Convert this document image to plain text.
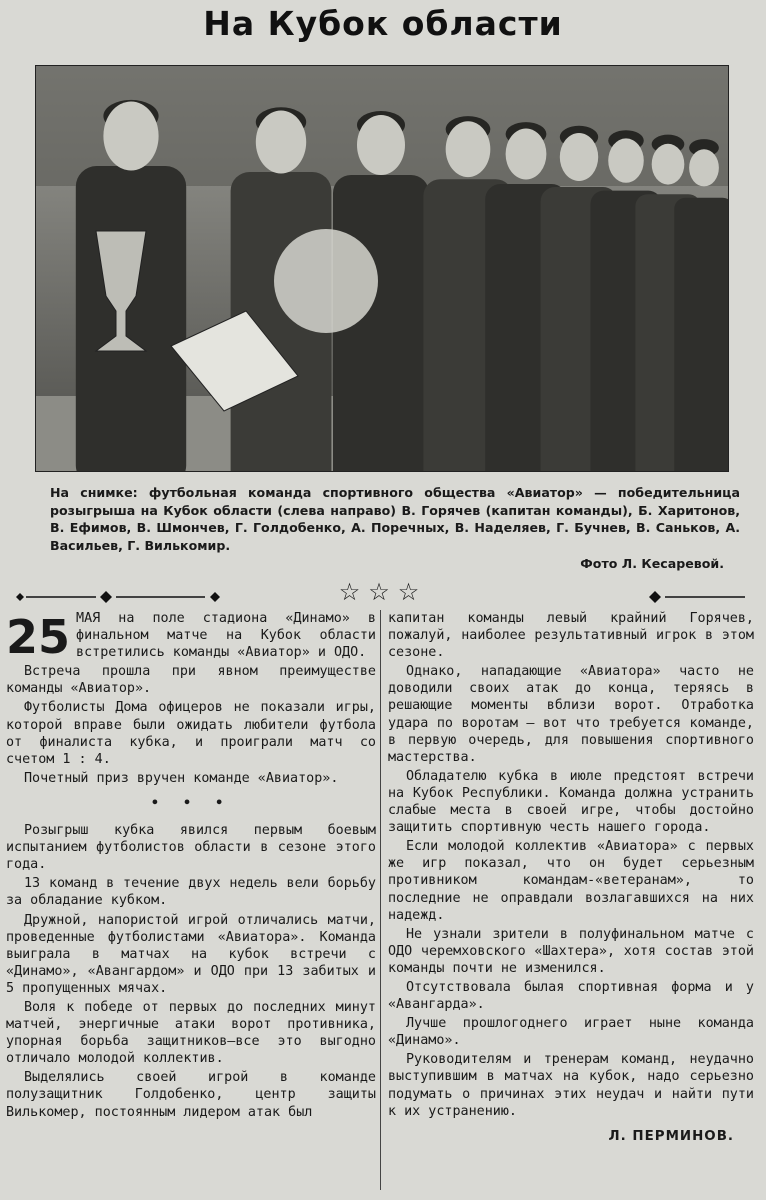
На Кубок области
На снимке: футбольная команда спортивного общества «Авиатор» — победительница розыгрыша на Кубок области (слева направо) В. Горячев (капитан команды), Б. Харитонов, В. Ефимов, В. Шмончев, Г. Голдобенко, А. Поречных, В. Наделяев, Г. Бучнев, В. Саньков, А. Васильев, Г. Вилькомир.
Фото Л. Кесаревой.
☆☆☆

25 МАЯ на поле стадиона «Динамо» в финальном матче на Кубок области встретились команды «Авиатор» и ОДО.

Встреча прошла при явном преимуществе команды «Авиатор».

Футболисты Дома офицеров не показали игры, которой вправе были ожидать любители футбола от финалиста кубка, и проиграли матч со счетом 1 : 4.

Почетный приз вручен команде «Авиатор».

• • •

Розыгрыш кубка явился первым боевым испытанием футболистов области в сезоне этого года.

13 команд в течение двух недель вели борьбу за обладание кубком.

Дружной, напористой игрой отличались матчи, проведенные футболистами «Авиатора». Команда выиграла в матчах на кубок встречи с «Динамо», «Авангардом» и ОДО при 13 забитых и 5 пропущенных мячах.

Воля к победе от первых до последних минут матчей, энергичные атаки ворот противника, упорная борьба защитников—все это выгодно отличало молодой коллектив.

Выделялись своей игрой в команде полузащитник Голдобенко, центр защиты Вилькомер, постоянным лидером атак был

капитан команды левый крайний Горячев, пожалуй, наиболее результативный игрок в этом сезоне.

Однако, нападающие «Авиатора» часто не доводили своих атак до конца, теряясь в решающие моменты вблизи ворот. Отработка удара по воротам — вот что требуется команде, в первую очередь, для повышения спортивного мастерства.

Обладателю кубка в июле предстоят встречи на Кубок Республики. Команда должна устранить слабые места в своей игре, чтобы достойно защитить спортивную честь нашего города.

Если молодой коллектив «Авиатора» с первых же игр показал, что он будет серьезным противником командам-«ветеранам», то последние не оправдали возлагавшихся на них надежд.

Не узнали зрители в полуфинальном матче с ОДО черемховского «Шахтера», хотя состав этой команды почти не изменился.

Отсутствовала былая спортивная форма и у «Авангарда».

Лучше прошлогоднего играет ныне команда «Динамо».

Руководителям и тренерам команд, неудачно выступившим в матчах на кубок, надо серьезно подумать о причинах этих неудач и найти пути к их устранению.

Л. ПЕРМИНОВ.
